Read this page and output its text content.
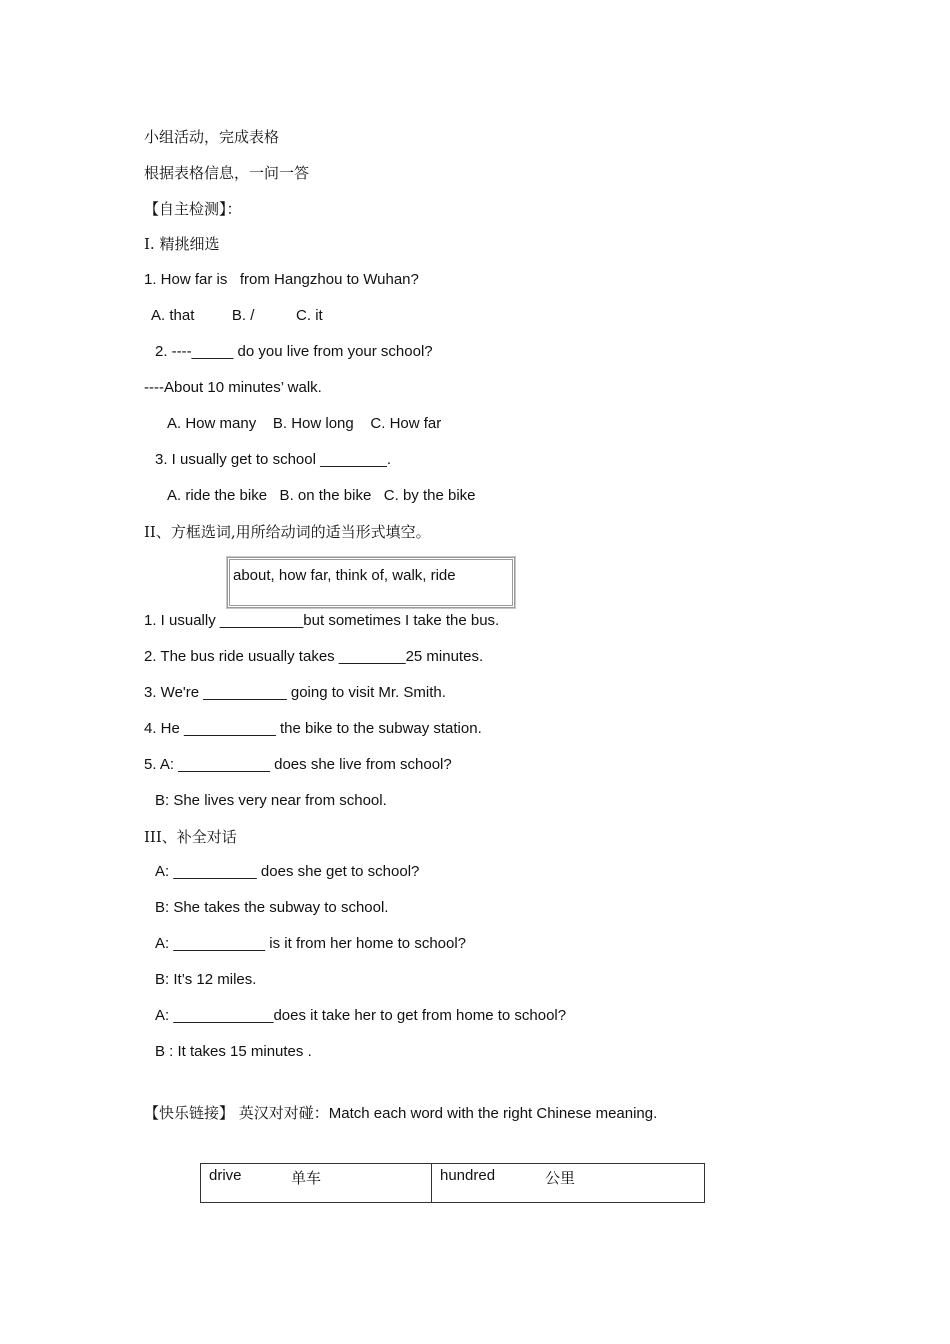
小组活动，完成表格
根据表格信息，一问一答
【自主检测】：
I. 精挑细选
1. How far is   from Hangzhou to Wuhan?
A. that         B. /          C. it
2. ----_____ do you live from your school?
----About 10 minutes’ walk.
A. How many    B. How long    C. How far
3. I usually get to school ________.
A. ride the bike   B. on the bike   C. by the bike
II、方框选词,用所给动词的适当形式填空。
about, how far, think of, walk, ride
1. I usually __________but sometimes I take the bus.
2. The bus ride usually takes ________25 minutes.
3. We're __________ going to visit Mr. Smith.
4. He ___________ the bike to the subway station.
5. A: ___________ does she live from school?
B: She lives very near from school.
III、补全对话
A: __________ does she get to school?
B: She takes the subway to school.
A: ___________ is it from her home to school?
B: It’s 12 miles.
A: ____________does it take her to get from home to school?
B : It takes 15 minutes .
【快乐链接】 英汉对对碰：Match each word with the right Chinese meaning.
drive	单车	hundred	公里
